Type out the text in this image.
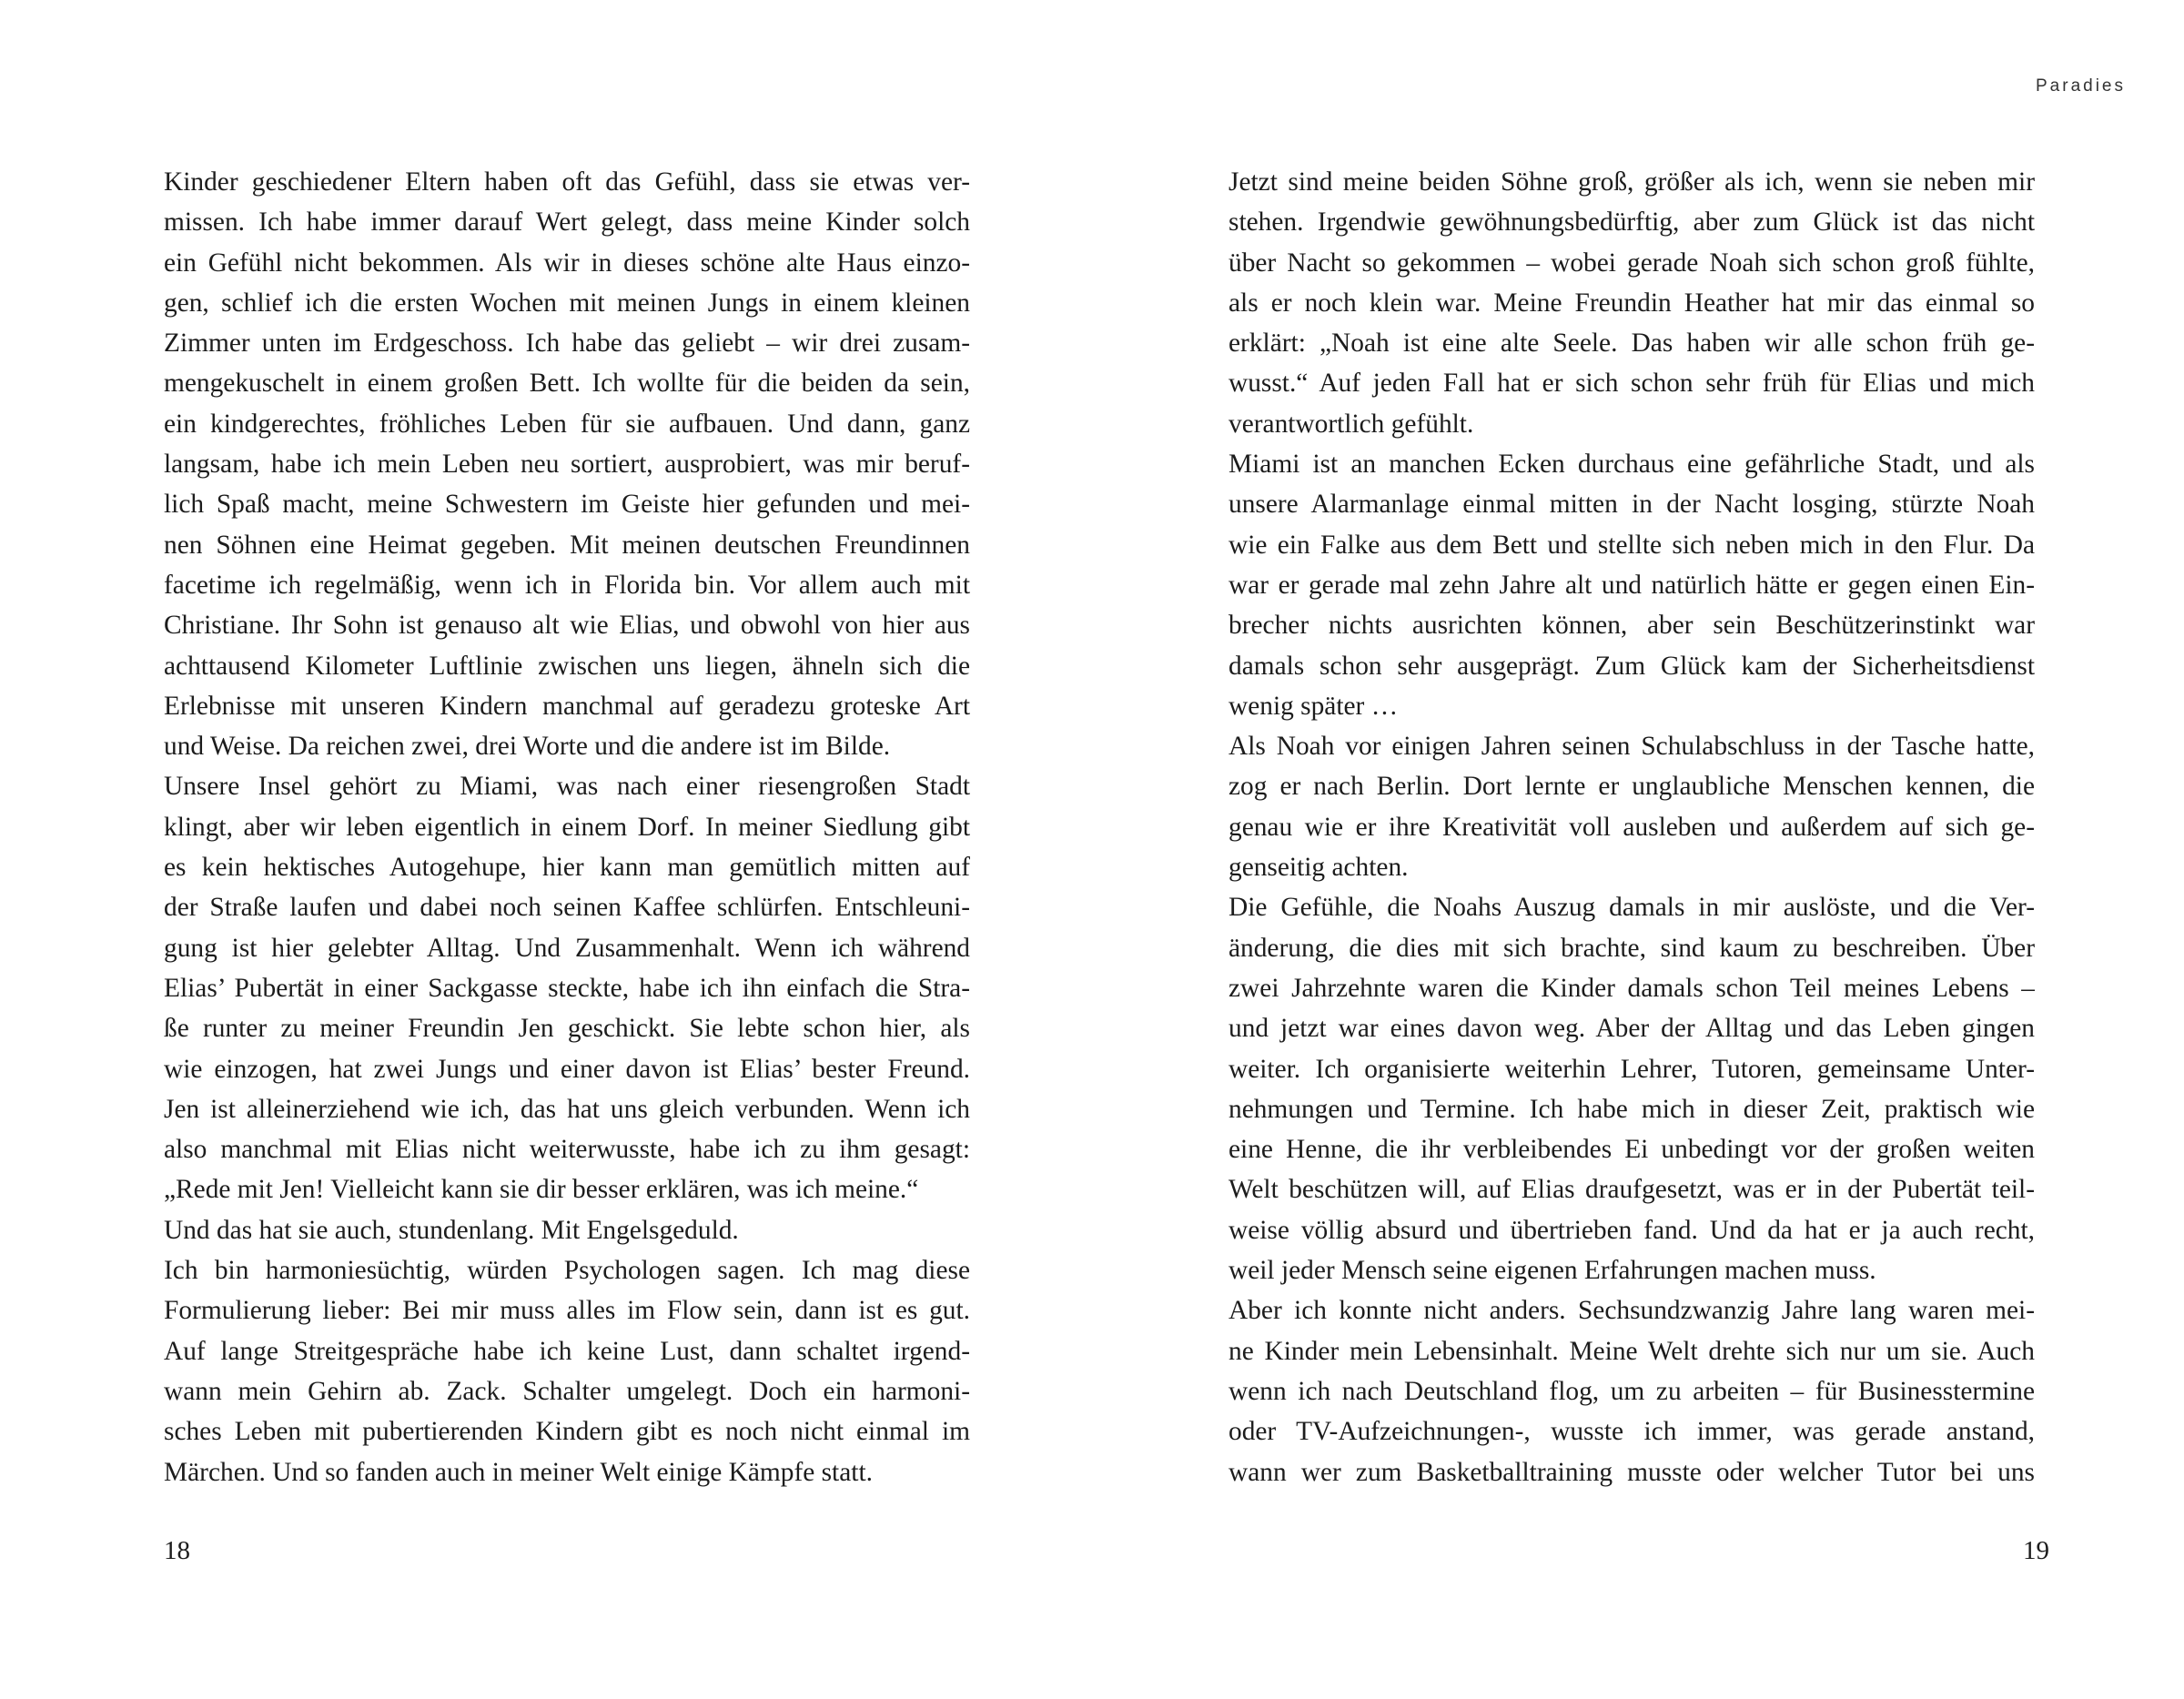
Kinder geschiedener Eltern haben oft das Gefühl, dass sie etwas ver-
missen. Ich habe immer darauf Wert gelegt, dass meine Kinder solch
ein Gefühl nicht bekommen. Als wir in dieses schöne alte Haus einzo-
gen, schlief ich die ersten Wochen mit meinen Jungs in einem kleinen
Zimmer unten im Erdgeschoss. Ich habe das geliebt – wir drei zusam-
mengekuschelt in einem großen Bett. Ich wollte für die beiden da sein,
ein kindgerechtes, fröhliches Leben für sie aufbauen. Und dann, ganz
langsam, habe ich mein Leben neu sortiert, ausprobiert, was mir beruf-
lich Spaß macht, meine Schwestern im Geiste hier gefunden und mei-
nen Söhnen eine Heimat gegeben. Mit meinen deutschen Freundinnen
facetime ich regelmäßig, wenn ich in Florida bin. Vor allem auch mit
Christiane. Ihr Sohn ist genauso alt wie Elias, und obwohl von hier aus
achttausend Kilometer Luftlinie zwischen uns liegen, ähneln sich die
Erlebnisse mit unseren Kindern manchmal auf geradezu groteske Art
und Weise. Da reichen zwei, drei Worte und die andere ist im Bilde.
Unsere Insel gehört zu Miami, was nach einer riesengroßen Stadt
klingt, aber wir leben eigentlich in einem Dorf. In meiner Siedlung gibt
es kein hektisches Autogehupe, hier kann man gemütlich mitten auf
der Straße laufen und dabei noch seinen Kaffee schlürfen. Entschleuni-
gung ist hier gelebter Alltag. Und Zusammenhalt. Wenn ich während
Elias’ Pubertät in einer Sackgasse steckte, habe ich ihn einfach die Stra-
ße runter zu meiner Freundin Jen geschickt. Sie lebte schon hier, als
wie einzogen, hat zwei Jungs und einer davon ist Elias’ bester Freund.
Jen ist alleinerziehend wie ich, das hat uns gleich verbunden. Wenn ich
also manchmal mit Elias nicht weiterwusste, habe ich zu ihm gesagt:
„Rede mit Jen! Vielleicht kann sie dir besser erklären, was ich meine.“
Und das hat sie auch, stundenlang. Mit Engelsgeduld.
Ich bin harmoniesüchtig, würden Psychologen sagen. Ich mag diese
Formulierung lieber: Bei mir muss alles im Flow sein, dann ist es gut.
Auf lange Streitgespräche habe ich keine Lust, dann schaltet irgend-
wann mein Gehirn ab. Zack. Schalter umgelegt. Doch ein harmoni-
sches Leben mit pubertierenden Kindern gibt es noch nicht einmal im
Märchen. Und so fanden auch in meiner Welt einige Kämpfe statt.
18
Paradies
Jetzt sind meine beiden Söhne groß, größer als ich, wenn sie neben mir
stehen. Irgendwie gewöhnungsbedürftig, aber zum Glück ist das nicht
über Nacht so gekommen – wobei gerade Noah sich schon groß fühlte,
als er noch klein war. Meine Freundin Heather hat mir das einmal so
erklärt: „Noah ist eine alte Seele. Das haben wir alle schon früh ge-
wusst.“ Auf jeden Fall hat er sich schon sehr früh für Elias und mich
verantwortlich gefühlt.
Miami ist an manchen Ecken durchaus eine gefährliche Stadt, und als
unsere Alarmanlage einmal mitten in der Nacht losging, stürzte Noah
wie ein Falke aus dem Bett und stellte sich neben mich in den Flur. Da
war er gerade mal zehn Jahre alt und natürlich hätte er gegen einen Ein-
brecher nichts ausrichten können, aber sein Beschützerinstinkt war
damals schon sehr ausgeprägt. Zum Glück kam der Sicherheitsdienst
wenig später …
Als Noah vor einigen Jahren seinen Schulabschluss in der Tasche hatte,
zog er nach Berlin. Dort lernte er unglaubliche Menschen kennen, die
genau wie er ihre Kreativität voll ausleben und außerdem auf sich ge-
genseitig achten.
Die Gefühle, die Noahs Auszug damals in mir auslöste, und die Ver-
änderung, die dies mit sich brachte, sind kaum zu beschreiben. Über
zwei Jahrzehnte waren die Kinder damals schon Teil meines Lebens –
und jetzt war eines davon weg. Aber der Alltag und das Leben gingen
weiter. Ich organisierte weiterhin Lehrer, Tutoren, gemeinsame Unter-
nehmungen und Termine. Ich habe mich in dieser Zeit, praktisch wie
eine Henne, die ihr verbleibendes Ei unbedingt vor der großen weiten
Welt beschützen will, auf Elias draufgesetzt, was er in der Pubertät teil-
weise völlig absurd und übertrieben fand. Und da hat er ja auch recht,
weil jeder Mensch seine eigenen Erfahrungen machen muss.
Aber ich konnte nicht anders. Sechsundzwanzig Jahre lang waren mei-
ne Kinder mein Lebensinhalt. Meine Welt drehte sich nur um sie. Auch
wenn ich nach Deutschland flog, um zu arbeiten – für Businesstermine
oder TV-Aufzeichnungen-, wusste ich immer, was gerade anstand,
wann wer zum Basketballtraining musste oder welcher Tutor bei uns
19
